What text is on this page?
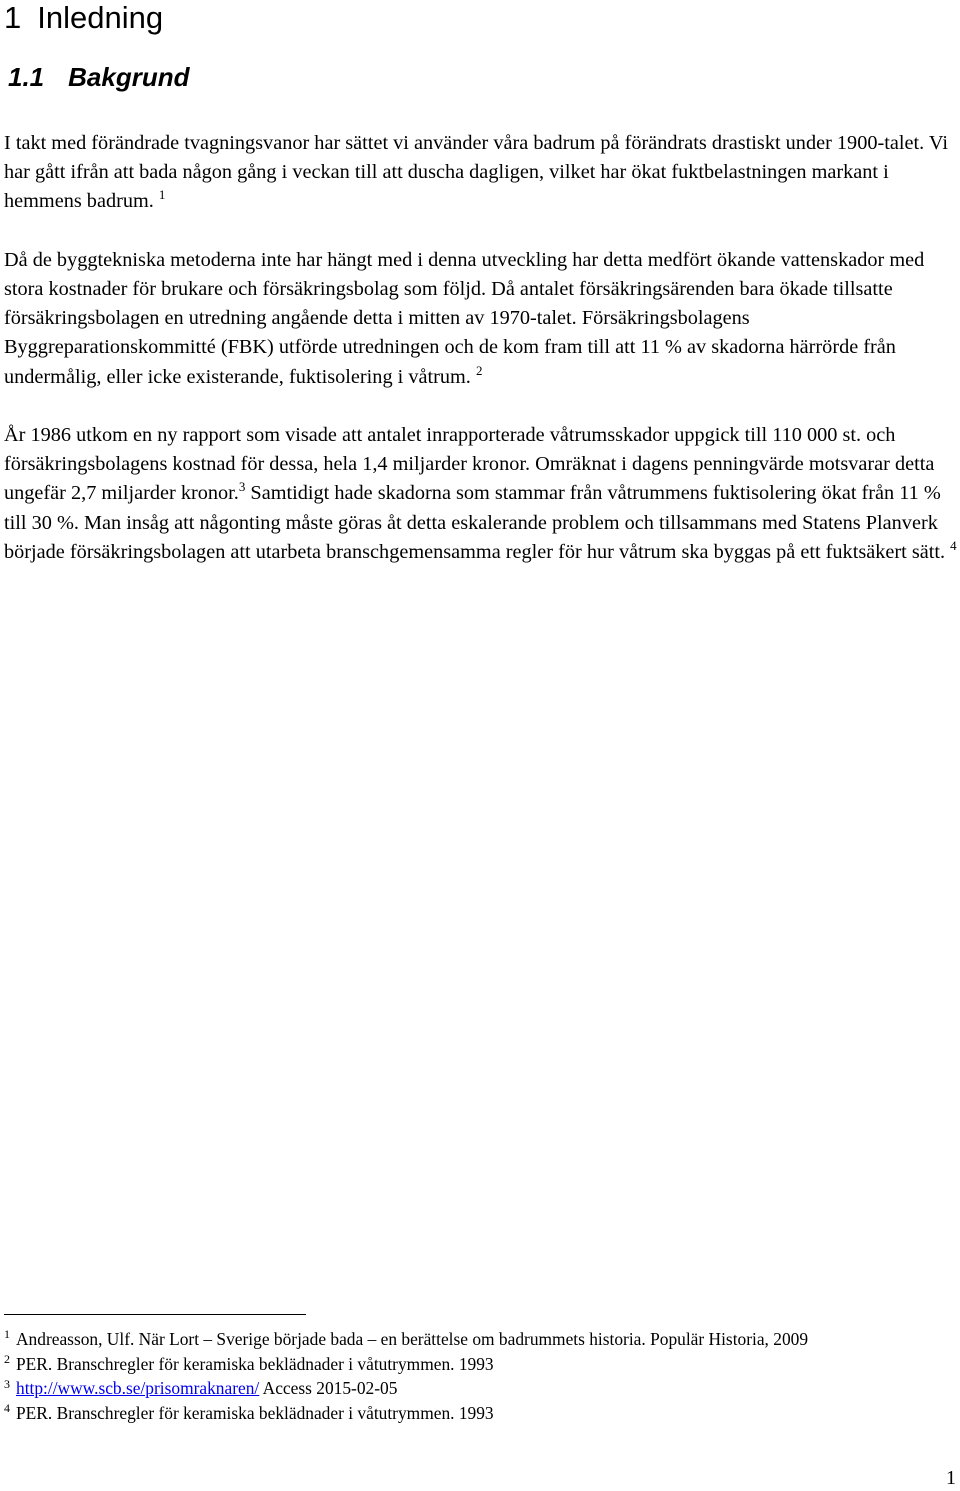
1 Inledning
1.1 Bakgrund

I takt med förändrade tvagningsvanor har sättet vi använder våra badrum på förändrats drastiskt under 1900-talet. Vi har gått ifrån att bada någon gång i veckan till att duscha dagligen, vilket har ökat fuktbelastningen markant i hemmens badrum. $^1$

Då de byggtekniska metoderna inte har hängt med i denna utveckling har detta medfört ökande vattenskador med stora kostnader för brukare och försäkringsbolag som följd. Då antalet försäkringsärenden bara ökade tillsatte försäkringsbolagen en utredning angående detta i mitten av 1970-talet. Försäkringsbolagens Byggreparationskommitté (FBK) utförde utredningen och de kom fram till att 11 % av skadorna härrörde från undermålig, eller icke existerande, fuktisolering i våtrum. $^2$

År 1986 utkom en ny rapport som visade att antalet inrapporterade våtrumsskador uppgick till 110 000 st. och försäkringsbolagens kostnad för dessa, hela 1,4 miljarder kronor. Omräknat i dagens penningvärde motsvarar detta ungefär 2,7 miljarder kronor.$^3$ Samtidigt hade skadorna som stammar från våtrummens fuktisolering ökat från 11 % till 30 %. Man insåg att någonting måste göras åt detta eskalerande problem och tillsammans med Statens Planverk började försäkringsbolagen att utarbeta branschgemensamma regler för hur våtrum ska byggas på ett fuktsäkert sätt. $^4$

$^1$ Andreasson, Ulf. När Lort – Sverige började bada – en berättelse om badrummets historia. Populär Historia, 2009

$^2$ PER. Branschregler för keramiska beklädnader i våtutrymmen. 1993

$^3$ http://www.scb.se/prisomraknaren/ Access 2015-02-05

$^4$ PER. Branschregler för keramiska beklädnader i våtutrymmen. 1993

1
